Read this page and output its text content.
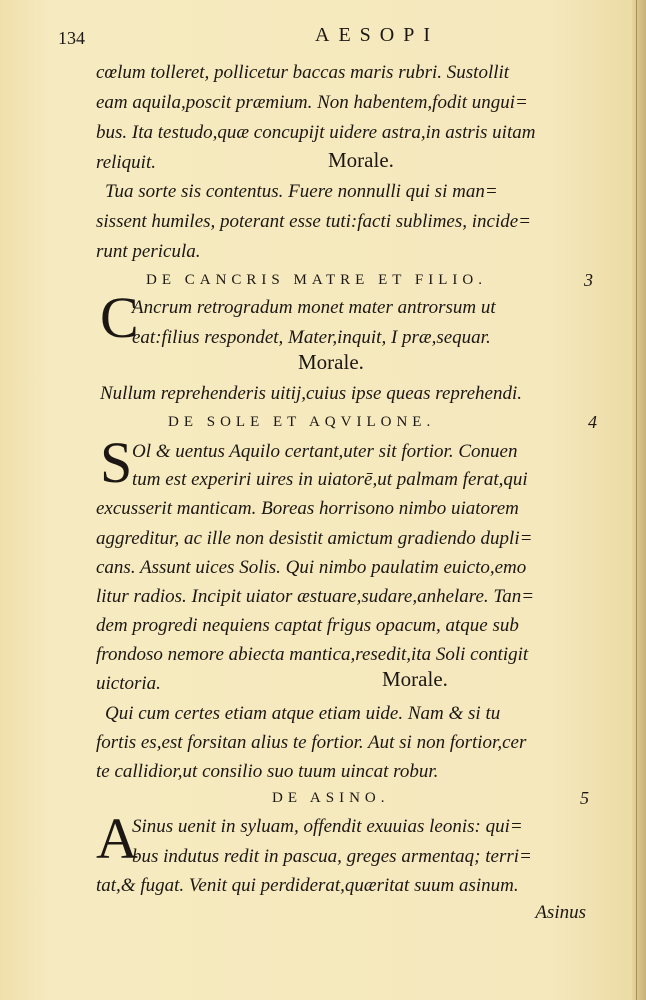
134	AESOPI
cœlum tolleret, pollicetur baccas maris rubri. Sustollit
eam aquila,poscit præmium. Non habentem,fodit ungui=
bus. Ita testudo,quæ concupijt uidere astra,in astris uitam
reliquit.	Morale.
Tua sorte sis contentus. Fuere nonnulli qui si man=
sissent humiles, poterant esse tuti:facti sublimes, incide=
runt pericula.
DE CANCRIS MATRE ET FILIO.	3
C
Ancrum retrogradum monet mater antrorsum ut
eat:filius respondet, Mater,inquit, I præ,sequar.
Morale.
Nullum reprehenderis uitij,cuius ipse queas reprehendi.
DE SOLE ET AQVILONE.	4
S Ol & uentus Aquilo certant,uter sit fortior. Conuen
tum est experiri uires in uiatorē,ut palmam ferat,qui
excusserit manticam. Boreas horrisono nimbo uiatorem
aggreditur, ac ille non desistit amictum gradiendo dupli=
cans. Assunt uices Solis. Qui nimbo paulatim euicto,emo
litur radios. Incipit uiator æstuare,sudare,anhelare. Tan=
dem progredi nequiens captat frigus opacum, atque sub
frondoso nemore abiecta mantica,resedit,ita Soli contigit
uictoria.	Morale.
Qui cum certes etiam atque etiam uide. Nam & si tu
fortis es,est forsitan alius te fortior. Aut si non fortior,cer
te callidior,ut consilio suo tuum uincat robur.
DE ASINO.	5
A
Sinus uenit in syluam, offendit exuuias leonis: qui=
bus indutus redit in pascua, greges armentaq; terri=
tat,& fugat. Venit qui perdiderat,quæritat suum asinum.
Asinus
